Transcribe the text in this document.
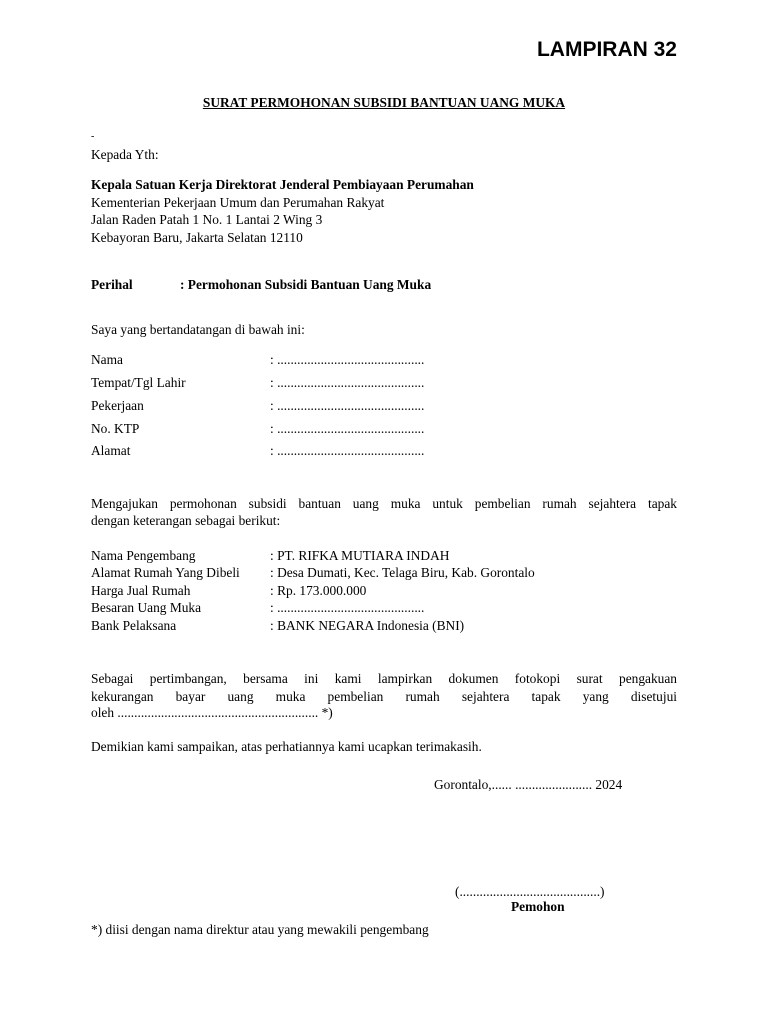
LAMPIRAN 32
SURAT PERMOHONAN SUBSIDI BANTUAN UANG MUKA
-
Kepada Yth:
Kepala Satuan Kerja Direktorat Jenderal Pembiayaan Perumahan
Kementerian Pekerjaan Umum dan Perumahan Rakyat
Jalan Raden Patah 1 No. 1 Lantai 2 Wing 3
Kebayoran Baru, Jakarta Selatan 12110
Perihal	: Permohonan Subsidi Bantuan Uang Muka
Saya yang bertandatangan di bawah ini:
Nama	: ............................................
Tempat/Tgl Lahir	: ............................................
Pekerjaan	: ............................................
No. KTP	: ............................................
Alamat	: ............................................
Mengajukan permohonan subsidi bantuan uang muka untuk pembelian rumah sejahtera tapak
dengan keterangan sebagai berikut:
Nama Pengembang	: PT. RIFKA MUTIARA INDAH
Alamat Rumah Yang Dibeli : Desa Dumati, Kec. Telaga Biru, Kab. Gorontalo
Harga Jual Rumah	: Rp. 173.000.000
Besaran Uang Muka	: ............................................
Bank Pelaksana	: BANK NEGARA Indonesia (BNI)
Sebagai pertimbangan, bersama ini kami lampirkan dokumen fotokopi surat pengakuan
kekurangan bayar uang muka pembelian rumah sejahtera tapak yang disetujui
oleh ............................................................ *)
Demikian kami sampaikan, atas perhatiannya kami ucapkan terimakasih.
Gorontalo,...... ....................... 2024
(..........................................)
Pemohon
*) diisi dengan nama direktur atau yang mewakili pengembang
